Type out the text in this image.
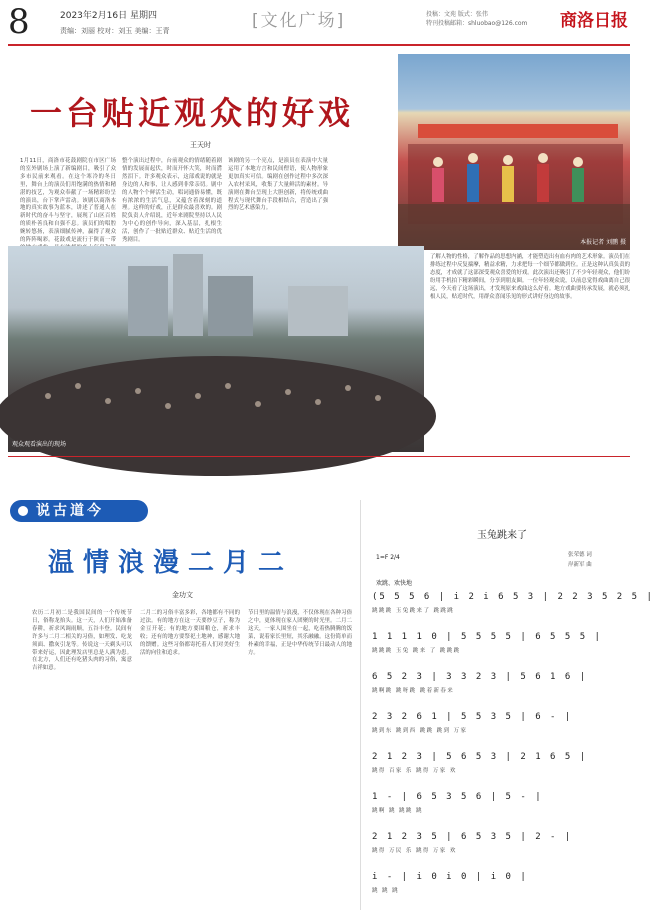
8	2023年2月16日 星期四
责编：刘丽 校对：刘玉 美编：王青	[文化广场]	投稿：文苑 版式：张伟
特刊投稿邮箱：shluobao@126.com 商洛日报
一台贴近观众的好戏
王天时
本报记者 刘鹏 摄
1月11日，商洛市花鼓剧院在市区广场的室外剧场上演了新编剧目，吸引了众多市民前来观看。在这个寒冷的冬日里，舞台上的演员们用饱满的热情和精湛的技艺，为观众奉献了一场精彩纷呈的演出，台下掌声雷动。该剧以商洛本地的真实故事为蓝本，讲述了普通人在新时代的奋斗与坚守，展现了山区百姓的质朴善良和自强不息。演员们的唱腔婉转悠扬，表演细腻传神，赢得了观众的阵阵喝彩。花鼓戏是流行于陕南一带
整个演出过程中，台前观众的情绪随着剧情的发展而起伏，时而开怀大笑，时而潸然泪下。许多观众表示，这部戏说的就是身边的人和事，让人感到非常亲切。剧中的人物个个鲜活生动，唱词通俗易懂，既有浓浓的生活气息，又蕴含着深刻的道理。这样的好戏，正是群众最喜欢的。剧院负责人介绍说，近年来剧院坚持以人民为中心的创作导向，深入基层，扎根生活，创作了一批贴近群众、贴近生活的优秀剧目。
该剧的另一个亮点，是演员在表演中大量运用了本地方言和民间俚语，使人物形象更加真实可信。编剧在创作过程中多次深入农村采风，收集了大量鲜活的素材。导演则在舞台呈现上大胆创新，将传统戏曲程式与现代舞台手段相结合，营造出了强烈的艺术感染力。
了解人物的性格，了解作品的思想内涵，才能塑造出有血有肉的艺术形象。演员们在排练过程中反复揣摩，精益求精，力求把每一个细节都做到位。正是这种认真负责的态度，才成就了这部深受观众喜爱的好戏。此次演出还吸引了不少年轻观众，他们纷纷用手机拍下精彩瞬间，分享到朋友圈。一位年轻观众说，以前总觉得戏曲离自己很远，今天看了这场演出，才发现原来戏曲这么好看。地方戏曲要传承发展，就必须扎根人民，贴近时代，用群众喜闻乐见的形式讲好身边的故事。
观众观看演出的现场
说古道今
温情浪漫二月二
金功文
农历二月初二是我国民间的一个传统节日，俗称龙抬头。这一天，人们开始准备春耕，祈求风调雨顺，五谷丰登。民间有许多与二月二相关的习俗，如理发、吃龙须面、撒灰引龙等。传说这一天剃头可以带来好运，因此理发店里总是人满为患。在北方，人们还有吃猪头肉的习俗，寓意吉祥如意。
二月二的习俗丰富多彩，各地都有不同的过法。有的地方在这一天要炒豆子，称为金豆开花；有的地方要围粮仓，祈求丰收；还有的地方要祭祀土地神，感谢大地的馈赠。这些习俗都寄托着人们对美好生活的向往和追求。
节日里的温情与浪漫，不仅体现在各种习俗之中，更体现在家人团聚的时光里。二月二这天，一家人围坐在一起，吃着热腾腾的饭菜，说着家长里短，其乐融融。这份简单而朴素的幸福，正是中华传统节日最动人的地方。
玉兔跳来了
张荣德 词
岸新军 曲
1=F 2/4
欢跳、欢快地
(5 5 5 6 | i 2 i 6 5 3 | 2 2 3 5 2 5 |
跳跳跳 玉兔跳来了 跳跳跳
1 1 1 1 0 | 5 5 5 5 | 6 5 5 5 |
跳跳跳 玉兔 跳来 了 跳跳跳
6 5 2 3 | 3 3 2 3 | 5 6 1 6 |
跳啊跳 跳呀跳 跳着新春来
2 3 2 6 1 | 5 5 3 5 | 6 - |
跳到东 跳到西 跳跳 跳到 万家
2 1 2 3 | 5 6 5 3 | 2 1 6 5 |
跳得 百家 乐 跳得 万家 欢
1 - | 6 5 3 5 6 | 5 - |
跳啊 跳 跳跳 跳
2 1 2 3 5 | 6 5 3 5 | 2 - |
跳得 万民 乐 跳得 万家 欢
i - | i 0 i 0 | i 0 |
跳 跳 跳
